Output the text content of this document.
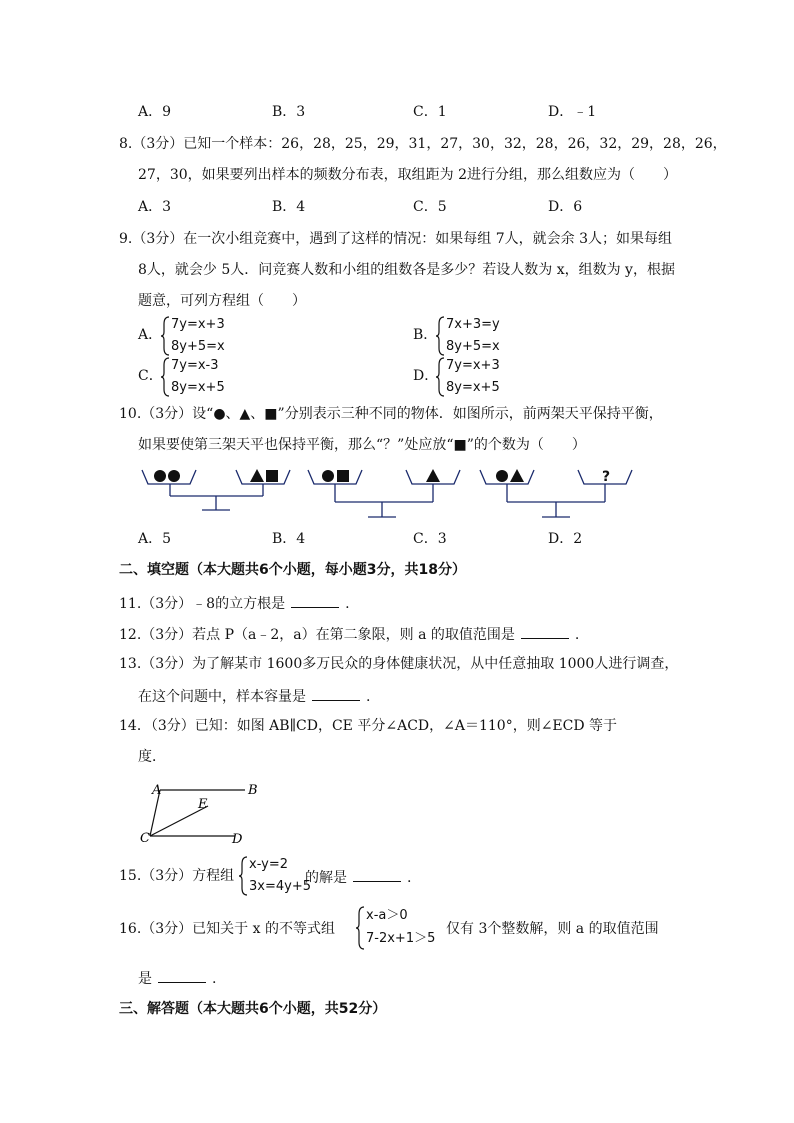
A．9	B．3	C．1	D．﹣1
8.（3分）已知一个样本：26，28，25，29，31，27，30，32，28，26，32，29，28，26，
27，30，如果要列出样本的频数分布表，取组距为 2进行分组，那么组数应为（　　）
A．3	B．4	C．5	D．6
9.（3分）在一次小组竞赛中，遇到了这样的情况：如果每组 7人，就会余 3人；如果每组
8人，就会少 5人．问竞赛人数和小组的组数各是多少？若设人数为 x，组数为 y，根据
题意，可列方程组（　　）
A．
7y=x+3
8y+5=x
B．
7x+3=y
8y+5=x
C．
7y=x-3
8y=x+5
D．
7y=x+3
8y=x+5
10.（3分）设“●、▲、■”分别表示三种不同的物体．如图所示，前两架天平保持平衡，
如果要使第三架天平也保持平衡，那么“？”处应放“■”的个数为（　　）
?
A．5	B．4	C．3	D．2
二、填空题（本大题共6个小题，每小题3分，共18分）
11.（3分）﹣8的立方根是	.
12.（3分）若点 P（a﹣2，a）在第二象限，则 a 的取值范围是	.
13.（3分）为了解某市 1600多万民众的身体健康状况，从中任意抽取 1000人进行调查，
在这个问题中，样本容量是	.
14．（3分）已知：如图 AB∥CD，CE 平分∠ACD，∠A＝110°，则∠ECD 等于
度．
A	B
C	D
E
15.（3分）方程组
x-y=2
3x=4y+5
的解是	.
16.（3分）已知关于 x 的不等式组
x-a＞0
7-2x+1＞5
仅有 3个整数解，则 a 的取值范围
是	.
三、解答题（本大题共6个小题，共52分）
